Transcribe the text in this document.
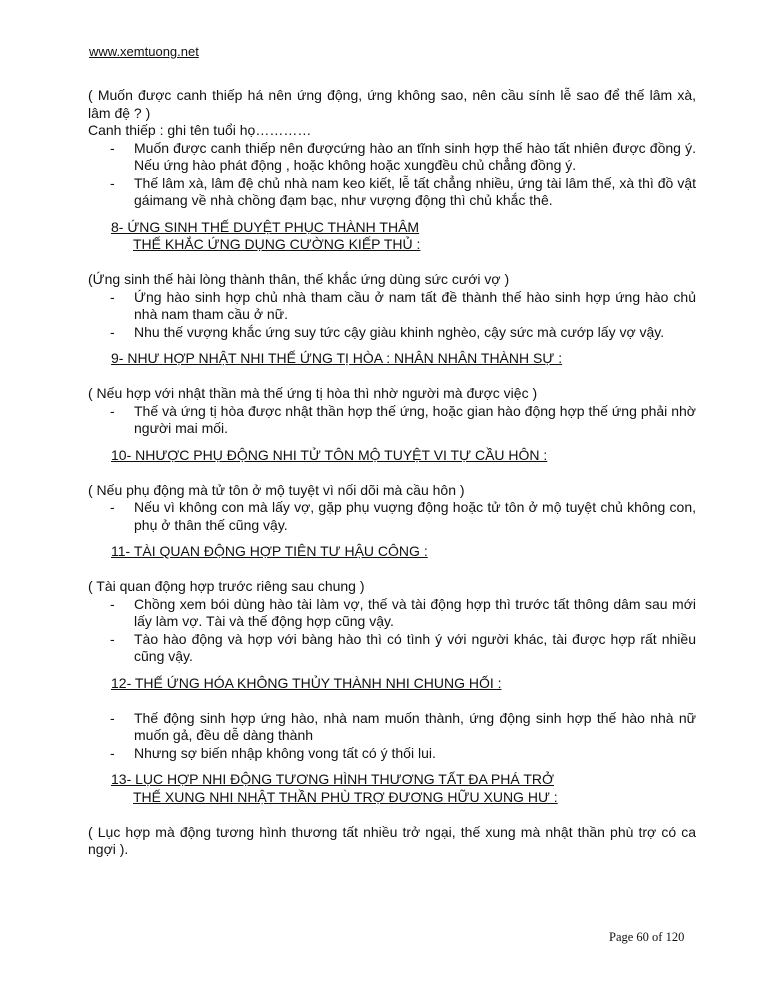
www.xemtuong.net

( Muốn được canh thiếp há nên ứng động, ứng không sao, nên cầu sính lễ sao để thế lâm xà, lâm đệ ? )

Canh thiếp : ghi tên tuổi họ…………

- Muốn được canh thiếp nên đượcứng hào an tĩnh sinh hợp thế hào tất nhiên được đồng ý. Nếu ứng hào phát động , hoặc không hoặc xungđều chủ chẳng đồng ý.
- Thế lâm xà, lâm đệ chủ nhà nam keo kiết, lễ tất chẳng nhiều, ứng tài lâm thế, xà thì đồ vật gáimang về nhà chồng đạm bạc, như vượng động thì chủ khắc thê.
8- ỨNG SINH THẾ DUYỆT PHỤC THÀNH THÂM
THẾ KHẮC ỨNG DỤNG CƯỜNG KIẾP THỦ :

(Ứng sinh thế hài lòng thành thân, thế khắc ứng dùng sức cưới vợ )

- Ứng hào sinh hợp chủ nhà tham cầu ở nam tất đề thành thế hào sinh hợp ứng hào chủ nhà nam tham cầu ở nữ.
- Nhu thế vượng khắc ứng suy tức cậy giàu khinh nghèo, cậy sức mà cướp lấy vợ vậy.
9- NHƯ HỢP NHẬT NHI THẾ ỨNG TỊ HÒA : NHÂN NHÂN THÀNH SỰ :

( Nếu hợp với nhật thần mà thế ứng tị hòa thì nhờ người mà được việc )

- Thế và ứng tị hòa được nhật thần hợp thế ứng, hoặc gian hào động hợp thế ứng phải nhờ người mai mối.
10- NHƯỢC PHỤ ĐỘNG NHI TỬ TÔN MỘ TUYỆT VI TỰ CẦU HÔN :

( Nếu phụ động mà tử tôn ở mộ tuyệt vì nối dõi mà cầu hôn )

- Nếu vì không con mà lấy vợ, gặp phụ vuợng động hoặc tử tôn ở mộ tuyệt chủ không con, phụ ở thân thế cũng vậy.
11- TÀI QUAN ĐỘNG HỢP TIÊN TƯ HẬU CÔNG :

( Tài quan động hợp trước riêng sau chung )

- Chồng xem bói dùng hào tài làm vợ, thế và tài động hợp thì trước tất thông dâm sau mới lấy làm vợ. Tài và thế động hợp cũng vậy.
- Tào hào động và hợp với bàng hào thì có tình ý với người khác, tài được hợp rất nhiều cũng vậy.
12- THẾ ỨNG HÓA KHÔNG THỦY THÀNH NHI CHUNG HỐI :
- Thế động sinh hợp ứng hào, nhà nam muốn thành, ứng động sinh hợp thế hào nhà nữ muốn gả, đều dễ dàng thành
- Nhưng sợ biến nhập không vong tất có ý thối lui.
13- LỤC HỢP NHI ĐỘNG TƯƠNG HÌNH THƯƠNG TẤT ĐA PHÁ TRỞ
THẾ XUNG NHI NHẬT THẦN PHÙ TRỢ ĐƯƠNG HỮU XUNG HƯ :

( Lục hợp mà động tương hình thương tất nhiều trở ngại, thế xung mà nhật thần phù trợ có ca ngợi ).

Page 60 of 120
